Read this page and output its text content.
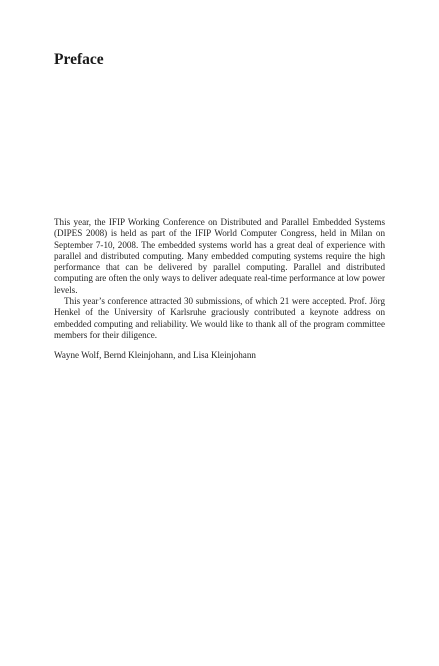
Preface

This year, the IFIP Working Conference on Distributed and Parallel Embedded Systems (DIPES 2008) is held as part of the IFIP World Computer Congress, held in Milan on September 7-10, 2008. The embedded systems world has a great deal of experience with parallel and distributed computing. Many embedded computing systems require the high performance that can be delivered by parallel computing. Parallel and distributed computing are often the only ways to deliver adequate real-time performance at low power levels.

This year’s conference attracted 30 submissions, of which 21 were accepted. Prof. Jörg Henkel of the University of Karlsruhe graciously contributed a keynote address on embedded computing and reliability. We would like to thank all of the program committee members for their diligence.

Wayne Wolf, Bernd Kleinjohann, and Lisa Kleinjohann
